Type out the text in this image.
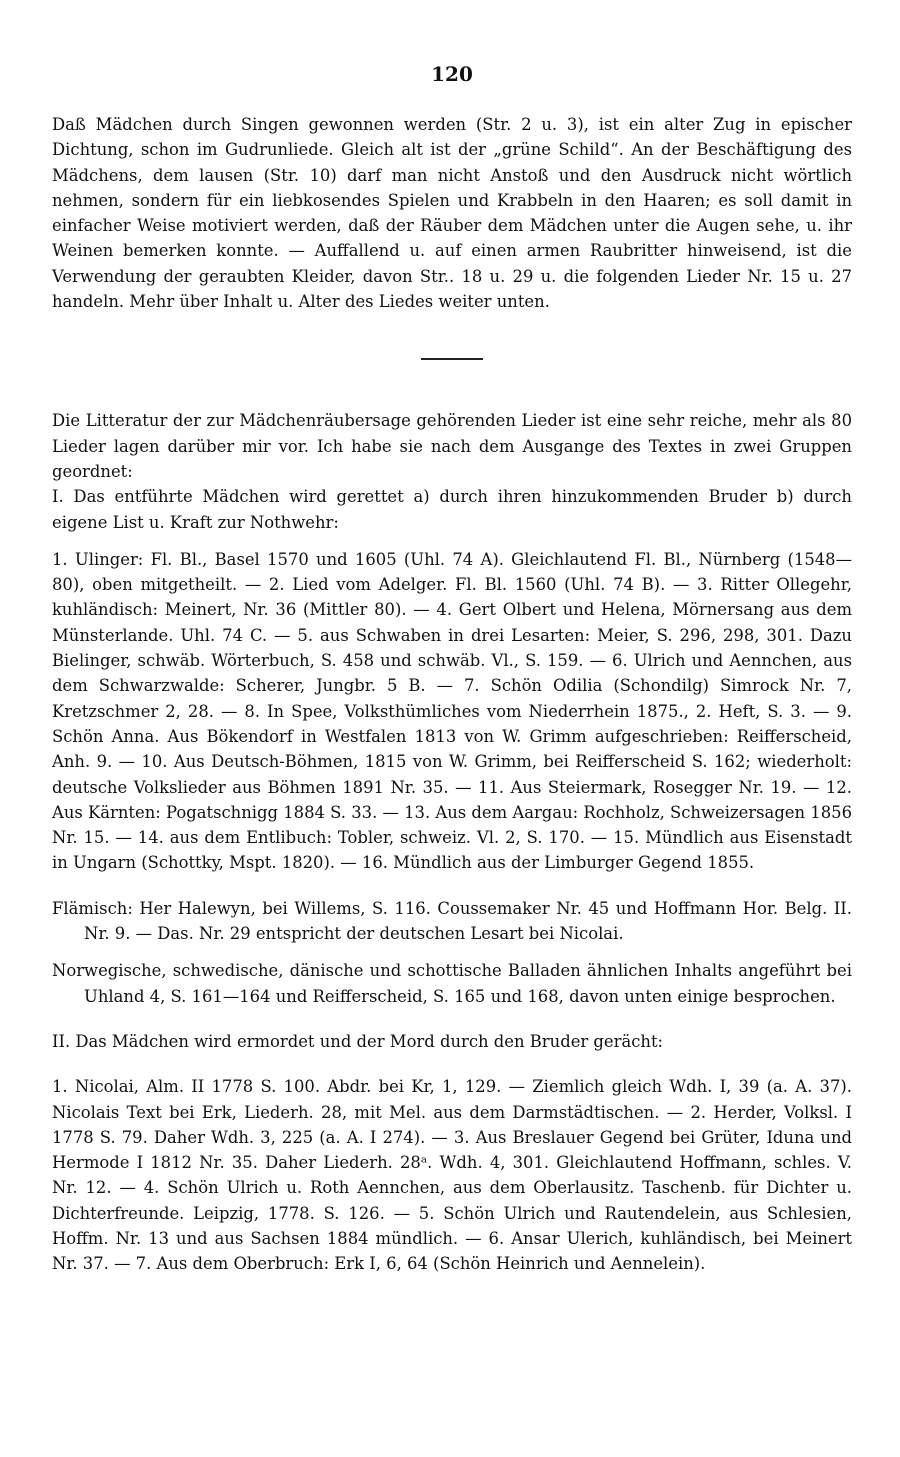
120

Daß Mädchen durch Singen gewonnen werden (Str. 2 u. 3), ist ein alter Zug in epischer Dichtung, schon im Gudrunliede. Gleich alt ist der „grüne Schild“. An der Beschäftigung des Mädchens, dem lausen (Str. 10) darf man nicht Anstoß und den Ausdruck nicht wörtlich nehmen, sondern für ein liebkosendes Spielen und Krabbeln in den Haaren; es soll damit in einfacher Weise motiviert werden, daß der Räuber dem Mädchen unter die Augen sehe, u. ihr Weinen bemerken konnte. — Auffallend u. auf einen armen Raubritter hinweisend, ist die Verwendung der geraubten Kleider, davon Str.. 18 u. 29 u. die folgenden Lieder Nr. 15 u. 27 handeln. Mehr über Inhalt u. Alter des Liedes weiter unten.

Die Litteratur der zur Mädchenräubersage gehörenden Lieder ist eine sehr reiche, mehr als 80 Lieder lagen darüber mir vor. Ich habe sie nach dem Ausgange des Textes in zwei Gruppen geordnet:

I. Das entführte Mädchen wird gerettet a) durch ihren hinzukommenden Bruder b) durch eigene List u. Kraft zur Nothwehr:

1. Ulinger: Fl. Bl., Basel 1570 und 1605 (Uhl. 74 A). Gleichlautend Fl. Bl., Nürnberg (1548—80), oben mitgetheilt. — 2. Lied vom Adelger. Fl. Bl. 1560 (Uhl. 74 B). — 3. Ritter Ollegehr, kuhländisch: Meinert, Nr. 36 (Mittler 80). — 4. Gert Olbert und Helena, Mörnersang aus dem Münsterlande. Uhl. 74 C. — 5. aus Schwaben in drei Lesarten: Meier, S. 296, 298, 301. Dazu Bielinger, schwäb. Wörterbuch, S. 458 und schwäb. Vl., S. 159. — 6. Ulrich und Aennchen, aus dem Schwarzwalde: Scherer, Jungbr. 5 B. — 7. Schön Odilia (Schondilg) Simrock Nr. 7, Kretzschmer 2, 28. — 8. In Spee, Volksthümliches vom Niederrhein 1875., 2. Heft, S. 3. — 9. Schön Anna. Aus Bökendorf in Westfalen 1813 von W. Grimm aufgeschrieben: Reifferscheid, Anh. 9. — 10. Aus Deutsch-Böhmen, 1815 von W. Grimm, bei Reifferscheid S. 162; wiederholt: deutsche Volkslieder aus Böhmen 1891 Nr. 35. — 11. Aus Steiermark, Rosegger Nr. 19. — 12. Aus Kärnten: Pogatschnigg 1884 S. 33. — 13. Aus dem Aargau: Rochholz, Schweizersagen 1856 Nr. 15. — 14. aus dem Entlibuch: Tobler, schweiz. Vl. 2, S. 170. — 15. Mündlich aus Eisenstadt in Ungarn (Schottky, Mspt. 1820). — 16. Mündlich aus der Limburger Gegend 1855.

Flämisch: Her Halewyn, bei Willems, S. 116. Coussemaker Nr. 45 und Hoffmann Hor. Belg. II. Nr. 9. — Das. Nr. 29 entspricht der deutschen Lesart bei Nicolai.

Norwegische, schwedische, dänische und schottische Balladen ähnlichen Inhalts angeführt bei Uhland 4, S. 161—164 und Reifferscheid, S. 165 und 168, davon unten einige besprochen.

II. Das Mädchen wird ermordet und der Mord durch den Bruder gerächt:

1. Nicolai, Alm. II 1778 S. 100. Abdr. bei Kr, 1, 129. — Ziemlich gleich Wdh. I, 39 (a. A. 37). Nicolais Text bei Erk, Liederh. 28, mit Mel. aus dem Darmstädtischen. — 2. Herder, Volksl. I 1778 S. 79. Daher Wdh. 3, 225 (a. A. I 274). — 3. Aus Breslauer Gegend bei Grüter, Iduna und Hermode I 1812 Nr. 35. Daher Liederh. 28ᵃ. Wdh. 4, 301. Gleichlautend Hoffmann, schles. V. Nr. 12. — 4. Schön Ulrich u. Roth Aennchen, aus dem Oberlausitz. Taschenb. für Dichter u. Dichterfreunde. Leipzig, 1778. S. 126. — 5. Schön Ulrich und Rautendelein, aus Schlesien, Hoffm. Nr. 13 und aus Sachsen 1884 mündlich. — 6. Ansar Ulerich, kuhländisch, bei Meinert Nr. 37. — 7. Aus dem Oberbruch: Erk I, 6, 64 (Schön Heinrich und Aennelein).
